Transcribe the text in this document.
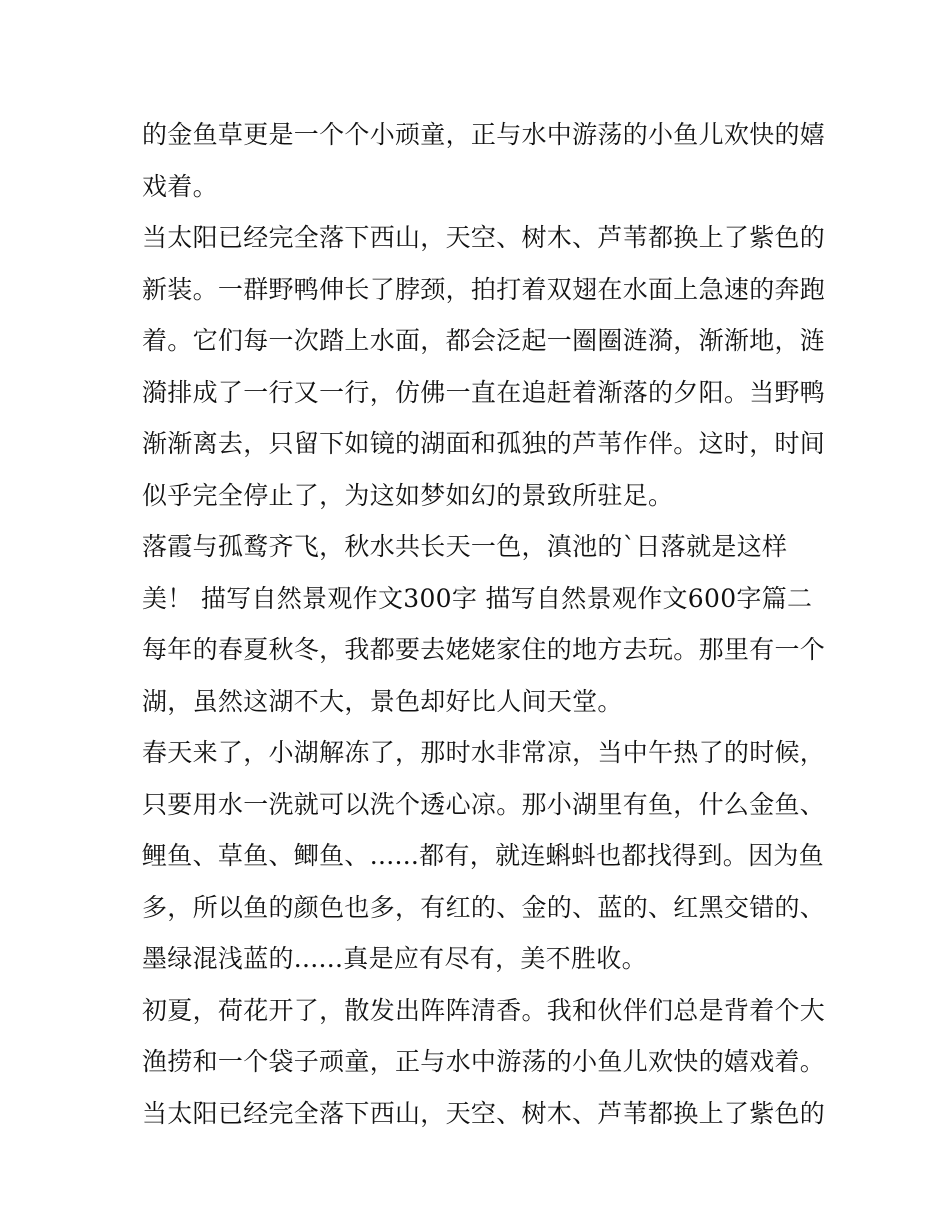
的金鱼草更是一个个小顽童，正与水中游荡的小鱼儿欢快的嬉
戏着。
当太阳已经完全落下西山，天空、树木、芦苇都换上了紫色的
新装。一群野鸭伸长了脖颈，拍打着双翅在水面上急速的奔跑
着。它们每一次踏上水面，都会泛起一圈圈涟漪，渐渐地，涟
漪排成了一行又一行，仿佛一直在追赶着渐落的夕阳。当野鸭
渐渐离去，只留下如镜的湖面和孤独的芦苇作伴。这时，时间
似乎完全停止了，为这如梦如幻的景致所驻足。
落霞与孤鹜齐飞，秋水共长天一色，滇池的`日落就是这样
美！ 描写自然景观作文300字 描写自然景观作文600字篇二
每年的春夏秋冬，我都要去姥姥家住的地方去玩。那里有一个
湖，虽然这湖不大，景色却好比人间天堂。
春天来了，小湖解冻了，那时水非常凉，当中午热了的时候，
只要用水一洗就可以洗个透心凉。那小湖里有鱼，什么金鱼、
鲤鱼、草鱼、鲫鱼、......都有，就连蝌蚪也都找得到。因为鱼
多，所以鱼的颜色也多，有红的、金的、蓝的、红黑交错的、
墨绿混浅蓝的......真是应有尽有，美不胜收。
初夏，荷花开了，散发出阵阵清香。我和伙伴们总是背着个大
渔捞和一个袋子顽童，正与水中游荡的小鱼儿欢快的嬉戏着。
当太阳已经完全落下西山，天空、树木、芦苇都换上了紫色的
